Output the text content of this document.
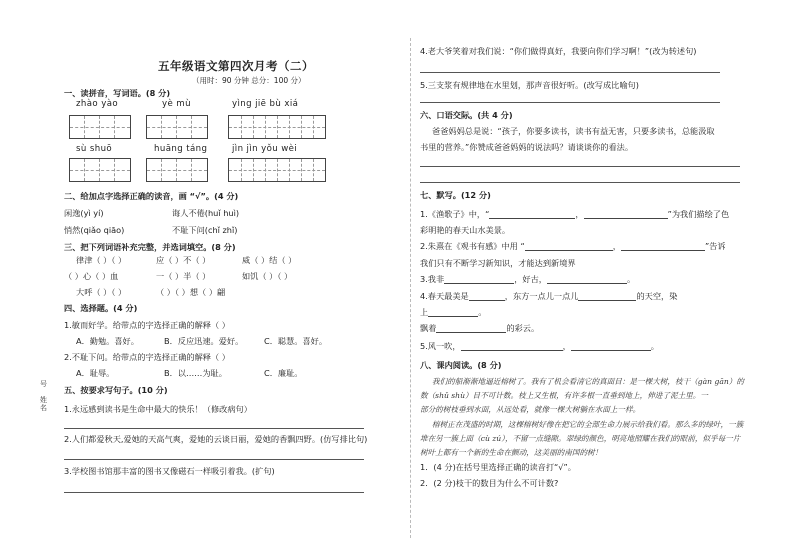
号
姓名
五年级语文第四次月考（二）
（用时：90 分钟 总分：100 分）
一、读拼音，写词语。(8 分)
zhào yào	yè mù	yìng jiē bù xiá
sù shuō	huāng táng	jìn jìn yǒu wèi
二、给加点字选择正确的读音，画 “√”。(4 分)
闲逸(yì yí)	诲人不倦(huǐ huì)
悄然(qiǎo qiāo)	不耻下问(chǐ zhǐ)
三、把下列词语补充完整，并选词填空。(8 分)
律津（ ）（ ）	应（ ）不（ ）	威（ ）结（ ）
（ ）心（ ）血	一（ ）半（ ）	如饥（ ）（ ）
大呼（ ）（ ）	（ ）（ ）想（ ）翩
四、选择题。(4 分)
1.敏而好学。给带点的字选择正确的解释（ ）
A．勤勉。喜好。	B．反应迅速。爱好。	C．聪慧。喜好。
2.不耻下问。给带点的字选择正确的解释（ ）
A．耻辱。	B．以……为耻。	C．廉耻。
五、按要求写句子。(10 分)
1.永远感到读书是生命中最大的快乐！（修改病句）
2.人们都爱秋天,爱她的天高气爽，爱她的云谈日丽，爱她的香飘四野。(仿写排比句)
3.学校图书馆那丰富的图书又像磁石一样吸引着我。(扩句)
4.老大爷笑着对我们说：“你们做得真好，我要向你们学习啊！”(改为转述句)
5.三支浆有规律地在水里划，那声音很好听。(改写成比喻句)
六、口语交际。(共 4 分)
爸爸妈妈总是说：“孩子，你要多读书，读书有益无害，只要多读书，总能汲取
书里的营养。”你赞成爸爸妈妈的说法吗？请谈谈你的看法。
七、默写。(12 分)
1.《渔歌子》中，“	，	”为我们描绘了色
彩明艳的春天山水美景。
2.朱熹在《观书有感》中用 “	，	”告诉
我们只有不断学习新知识，才能达到新境界
3.我非	，好古，	。
4.春天最美是	，东方一点儿一点儿	的天空，染
上	。
飘着	的彩云。
5.风一吹，	，	。
八、课内阅读。(8 分)
我们的船渐渐地逼近榕树了。我有了机会看清它的真面目：是一棵大树，枝干（gàn gān）的
数（shǔ shù）目不可计数。枝上又生根，有许多根一直垂到地上，伸进了泥土里。一
部分的树枝垂到水面，从远处看，就像一棵大树躺在水面上一样。
榕树正在茂盛的时期，这棵榕树好像在把它的全部生命力展示给我们看。那么多的绿叶，一簇
堆在另一簇上面（cù zú），不留一点缝隙。翠绿的颜色，明亮地照耀在我们的眼前，似乎每一片
树叶上都有一个新的生命在颤动，这美丽的南国的树！
1．(4 分)在括号里选择正确的读音打“√”。
2．(2 分)枝干的数目为什么不可计数?
